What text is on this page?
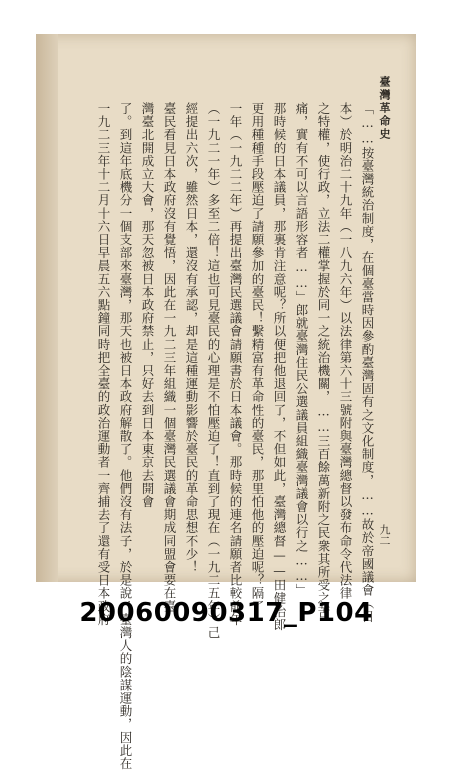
臺灣革命史
九二
「……按臺灣統治制度，在個臺當時因參酌臺灣固有之文化制度，……故於帝國議會（日
本）於明治二十九年（一八九六年）以法律第六十三號附與臺灣總督以發布命令代法律
之特權，使行政，立法二權掌握於同一之統治機關，……三百餘萬新附之民衆其所受之苦
痛，實有不可以言語形容者……」郎就臺灣住民公選議員組織臺灣議會以行之……」
那時候的日本議員，那裏肯注意呢？所以便把他退回了，不但如此，臺灣總督——田健治郎
更用種種手段壓迫了請願參加的臺民！繫精富有革命性的臺民，那里怕他的壓迫呢？隔了
一年（一九二二年）再提出臺灣民選議會請願書於日本議會。那時候的連名請願者比較前年
（一九二一年）多至二倍！這也可見臺民的心理是不怕壓迫了！直到了現在（一九二五年）己
經提出六次，雖然日本，還沒有承認，却是這種運動影響於臺民的革命思想不少！
臺民看見日本政府沒有覺悟，因此在一九二三年組織一個臺灣民選議會期成同盟會要在臺
灣臺北開成立大會，那天忽被日本政府禁止，只好去到日本東京去開會
了。到這年底機分一個支部來臺灣，那天也被日本政府解散了。他們沒有法子，於是說：臺灣人的陰謀運動，因此在
一九二三年十二月十六日早晨五六點鐘同時把全臺的政治運動者一齊捕去了還有受日本政府
20060090317_P104
